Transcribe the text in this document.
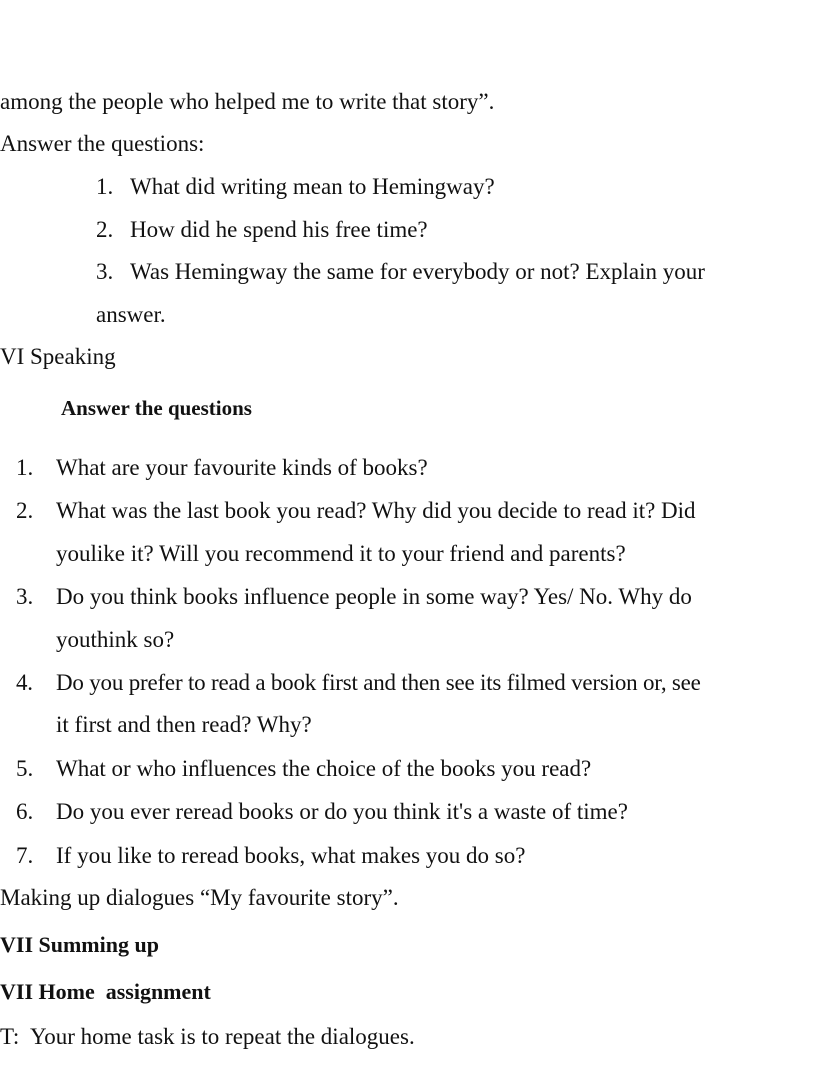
among the people who helped me to write that story”.
Answer the questions:
1. What did writing mean to Hemingway?
2. How did he spend his free time?
3. Was Hemingway the same for everybody or not? Explain your
answer.
VI Speaking
Answer the questions
1. What are your favourite kinds of books?
2. What was the last book you read? Why did you decide to read it? Did
youlike it? Will you recommend it to your friend and parents?
3. Do you think books influence people in some way? Yes/ No. Why do
youthink so?
4. Do you prefer to read a book first and then see its filmed version or, see
it first and then read? Why?
5. What or who influences the choice of the books you read?
6. Do you ever reread books or do you think it's a waste of time?
7. If you like to reread books, what makes you do so?
Making up dialogues “My favourite story”.
VII Summing up
VII Home  assignment
T:  Your home task is to repeat the dialogues.
